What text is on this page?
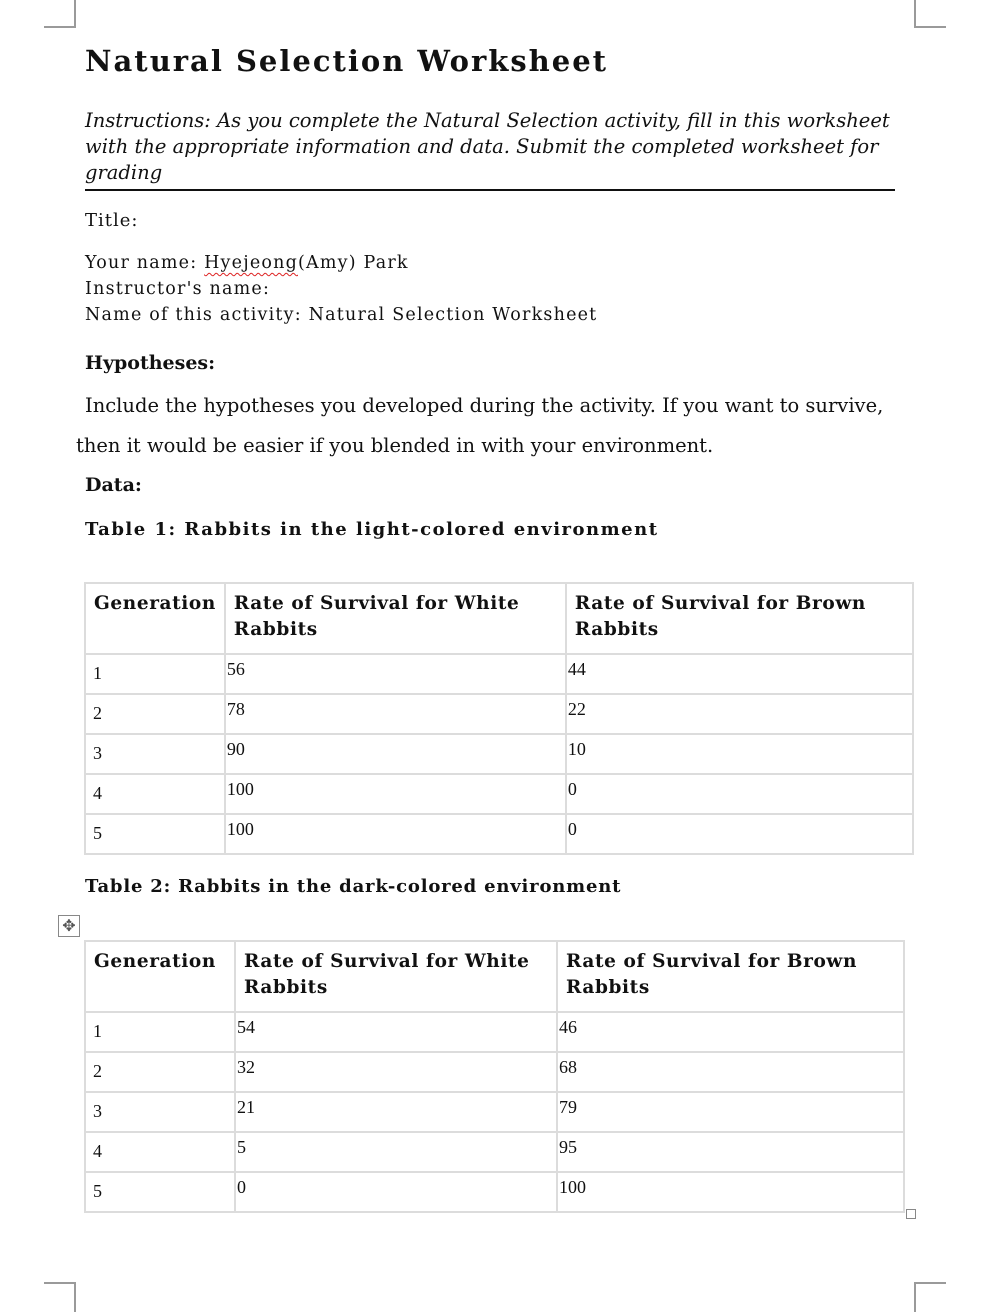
Natural Selection Worksheet

Instructions: As you complete the Natural Selection activity, fill in this worksheet with the appropriate information and data. Submit the completed worksheet for grading

Title:

Your name: Hyejeong(Amy) Park

Instructor's name:

Name of this activity: Natural Selection Worksheet

Hypotheses:

Include the hypotheses you developed during the activity. If you want to survive, then it would be easier if you blended in with your environment.

Data:

Table 1: Rabbits in the light-colored environment

Generation	Rate of Survival for White Rabbits	Rate of Survival for Brown Rabbits
1	56	44
2	78	22
3	90	10
4	100	0
5	100	0

Table 2: Rabbits in the dark-colored environment

✥
Generation	Rate of Survival for White Rabbits	Rate of Survival for Brown Rabbits
1	54	46
2	32	68
3	21	79
4	5	95
5	0	100
